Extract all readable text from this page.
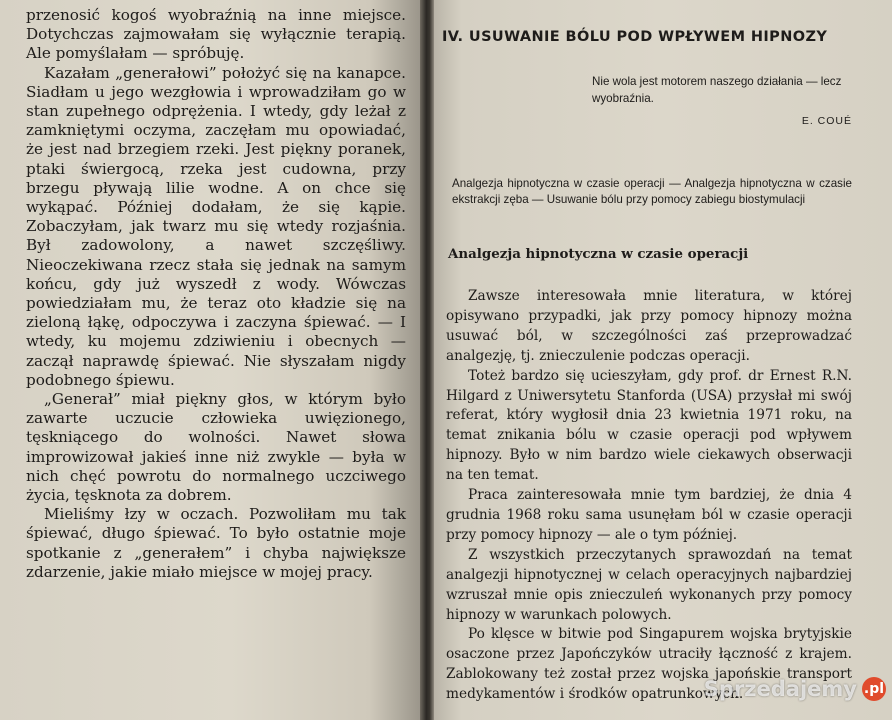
przenosić kogoś wyobraźnią na inne miejsce. Dotychczas zajmowałam się wyłącznie terapią. Ale pomyślałam — spróbuję.

Kazałam „generałowi” położyć się na kanapce. Siadłam u jego wezgłowia i wprowadziłam go w stan zupełnego odprężenia. I wtedy, gdy leżał z zamkniętymi oczyma, zaczęłam mu opowiadać, że jest nad brzegiem rzeki. Jest piękny poranek, ptaki świergocą, rzeka jest cudowna, przy brzegu pływają lilie wodne. A on chce się wykąpać. Później dodałam, że się kąpie. Zobaczyłam, jak twarz mu się wtedy rozjaśnia. Był zadowolony, a nawet szczęśliwy. Nieoczekiwana rzecz stała się jednak na samym końcu, gdy już wyszedł z wody. Wówczas powiedziałam mu, że teraz oto kładzie się na zieloną łąkę, odpoczywa i zaczyna śpiewać. — I wtedy, ku mojemu zdziwieniu i obecnych — zaczął naprawdę śpiewać. Nie słyszałam nigdy podobnego śpiewu.

„Generał” miał piękny głos, w którym było zawarte uczucie człowieka uwięzionego, tęskniącego do wolności. Nawet słowa improwizował jakieś inne niż zwykle — była w nich chęć powrotu do normalnego uczciwego życia, tęsknota za dobrem.

Mieliśmy łzy w oczach. Pozwoliłam mu tak śpiewać, długo śpiewać. To było ostatnie moje spotkanie z „generałem” i chyba największe zdarzenie, jakie miało miejsce w mojej pracy.

IV. USUWANIE BÓLU POD WPŁYWEM HIPNOZY

Nie wola jest motorem naszego działania — lecz wyobraźnia.

E. COUÉ
Analgezja hipnotyczna w czasie operacji — Analgezja hipnotyczna w czasie ekstrakcji zęba — Usuwanie bólu przy pomocy zabiegu biostymulacji
Analgezja hipnotyczna w czasie operacji

Zawsze interesowała mnie literatura, w której opisywano przypadki, jak przy pomocy hipnozy można usuwać ból, w szczególności zaś przeprowadzać analgezję, tj. znieczulenie podczas operacji.

Toteż bardzo się ucieszyłam, gdy prof. dr Ernest R.N. Hilgard z Uniwersytetu Stanforda (USA) przysłał mi swój referat, który wygłosił dnia 23 kwietnia 1971 roku, na temat znikania bólu w czasie operacji pod wpływem hipnozy. Było w nim bardzo wiele ciekawych obserwacji na ten temat.

Praca zainteresowała mnie tym bardziej, że dnia 4 grudnia 1968 roku sama usunęłam ból w czasie operacji przy pomocy hipnozy — ale o tym później.

Z wszystkich przeczytanych sprawozdań na temat analgezji hipnotycznej w celach operacyjnych najbardziej wzruszał mnie opis znieczuleń wykonanych przy pomocy hipnozy w warunkach polowych.

Po klęsce w bitwie pod Singapurem wojska brytyjskie osaczone przez Japończyków utraciły łączność z krajem. Zablokowany też został przez wojska japońskie transport medykamentów i środków opatrunkowych.

Sprzedajemy .pl
